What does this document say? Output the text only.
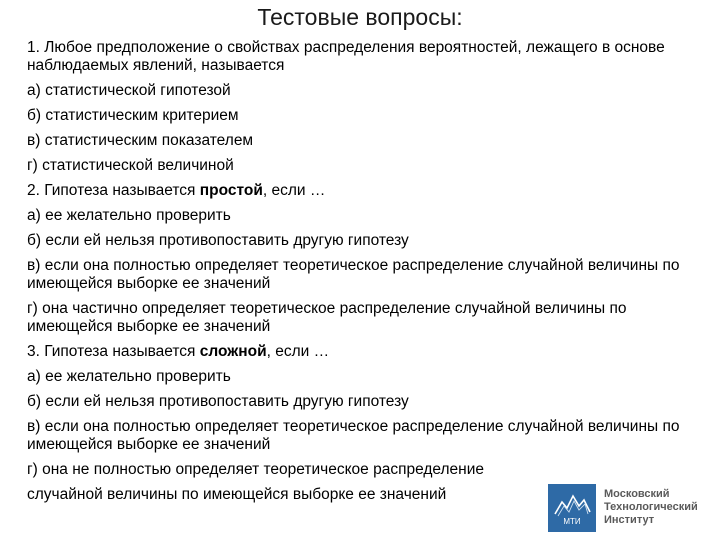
Тестовые вопросы:
1. Любое предположение о свойствах распределения вероятностей, лежащего в основе наблюдаемых явлений, называется
а) статистической гипотезой
б) статистическим критерием
в) статистическим показателем
г) статистической величиной
2. Гипотеза называется простой, если …
а) ее желательно проверить
б) если ей нельзя противопоставить другую гипотезу
в) если она полностью определяет теоретическое распределение случайной величины по имеющейся выборке ее значений
г) она частично определяет теоретическое распределение случайной величины по имеющейся выборке ее значений
3. Гипотеза называется сложной, если …
а) ее желательно проверить
б) если ей нельзя противопоставить другую гипотезу
в) если она полностью определяет теоретическое распределение случайной величины по имеющейся выборке ее значений
г) она не полностью определяет теоретическое распределение
случайной величины по имеющейся выборке ее значений
МТИ
Московский
Технологический
Институт
